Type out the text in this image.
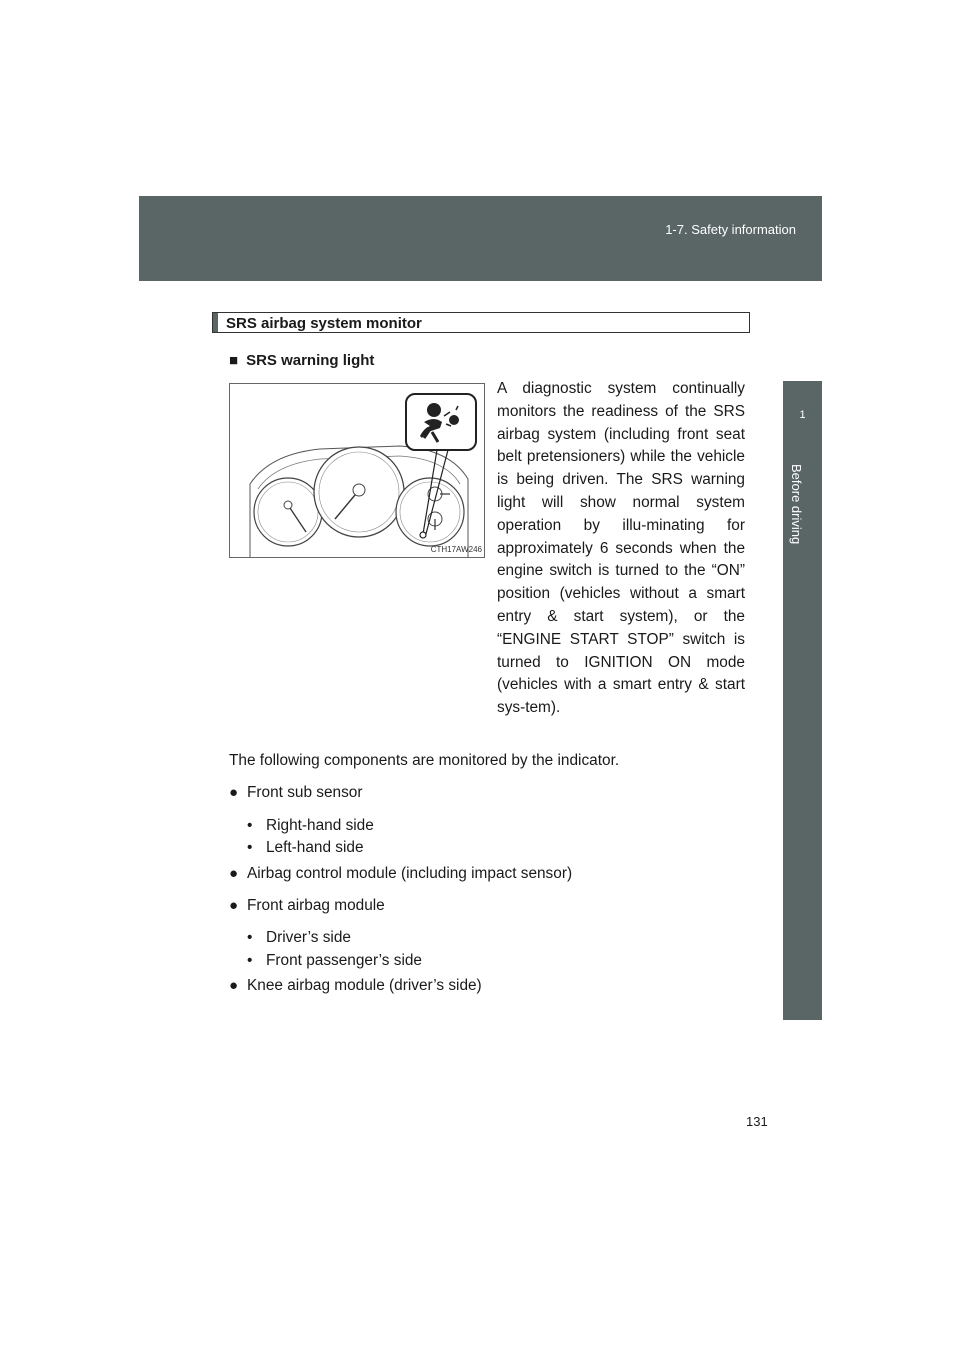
1-7. Safety information
1
Before driving
SRS airbag system monitor
■ SRS warning light
CTH17AW246
A diagnostic system continually monitors the readiness of the SRS airbag system (including front seat belt pretensioners) while the vehicle is being driven. The SRS warning light will show normal system operation by illu-minating for approximately 6 seconds when the engine switch is turned to the “ON” position (vehicles without a smart entry & start system), or the “ENGINE START STOP” switch is turned to IGNITION ON mode (vehicles with a smart entry & start sys-tem).
The following components are monitored by the indicator.
● Front sub sensor
• Right-hand side
• Left-hand side
● Airbag control module (including impact sensor)
● Front airbag module
• Driver’s side
• Front passenger’s side
● Knee airbag module (driver’s side)
131
